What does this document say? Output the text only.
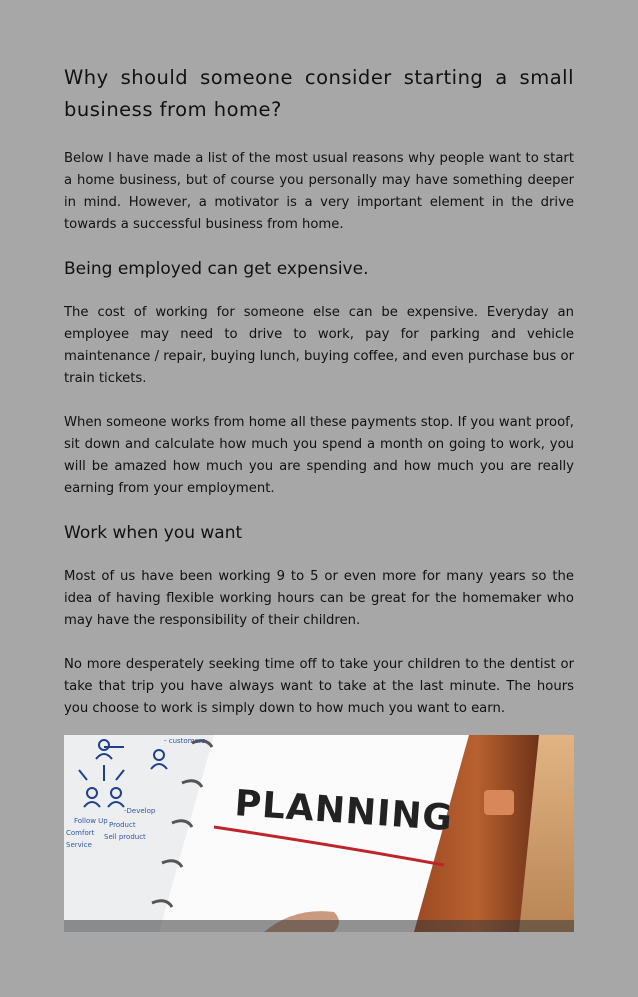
Why should someone consider starting a small business from home?

Below I have made a list of the most usual reasons why people want to start a home business, but of course you personally may have something deeper in mind. However, a motivator is a very important element in the drive towards a successful business from home.

Being employed can get expensive.

The cost of working for someone else can be expensive. Everyday an employee may need to drive to work, pay for parking and vehicle maintenance / repair, buying lunch, buying coffee, and even purchase bus or train tickets.

When someone works from home all these payments stop. If you want proof, sit down and calculate how much you spend a month on going to work, you will be amazed how much you are spending and how much you are really earning from your employment.

Work when you want

Most of us have been working 9 to 5 or even more for many years so the idea of having flexible working hours can be great for the homemaker who may have the responsibility of their children.

No more desperately seeking time off to take your children to the dentist or take that trip you have always want to take at the last minute. The hours you choose to work is simply down to how much you want to earn.

Follow Up Product
Comfort Sell product
Service
- customers
-Develop PLANNING
